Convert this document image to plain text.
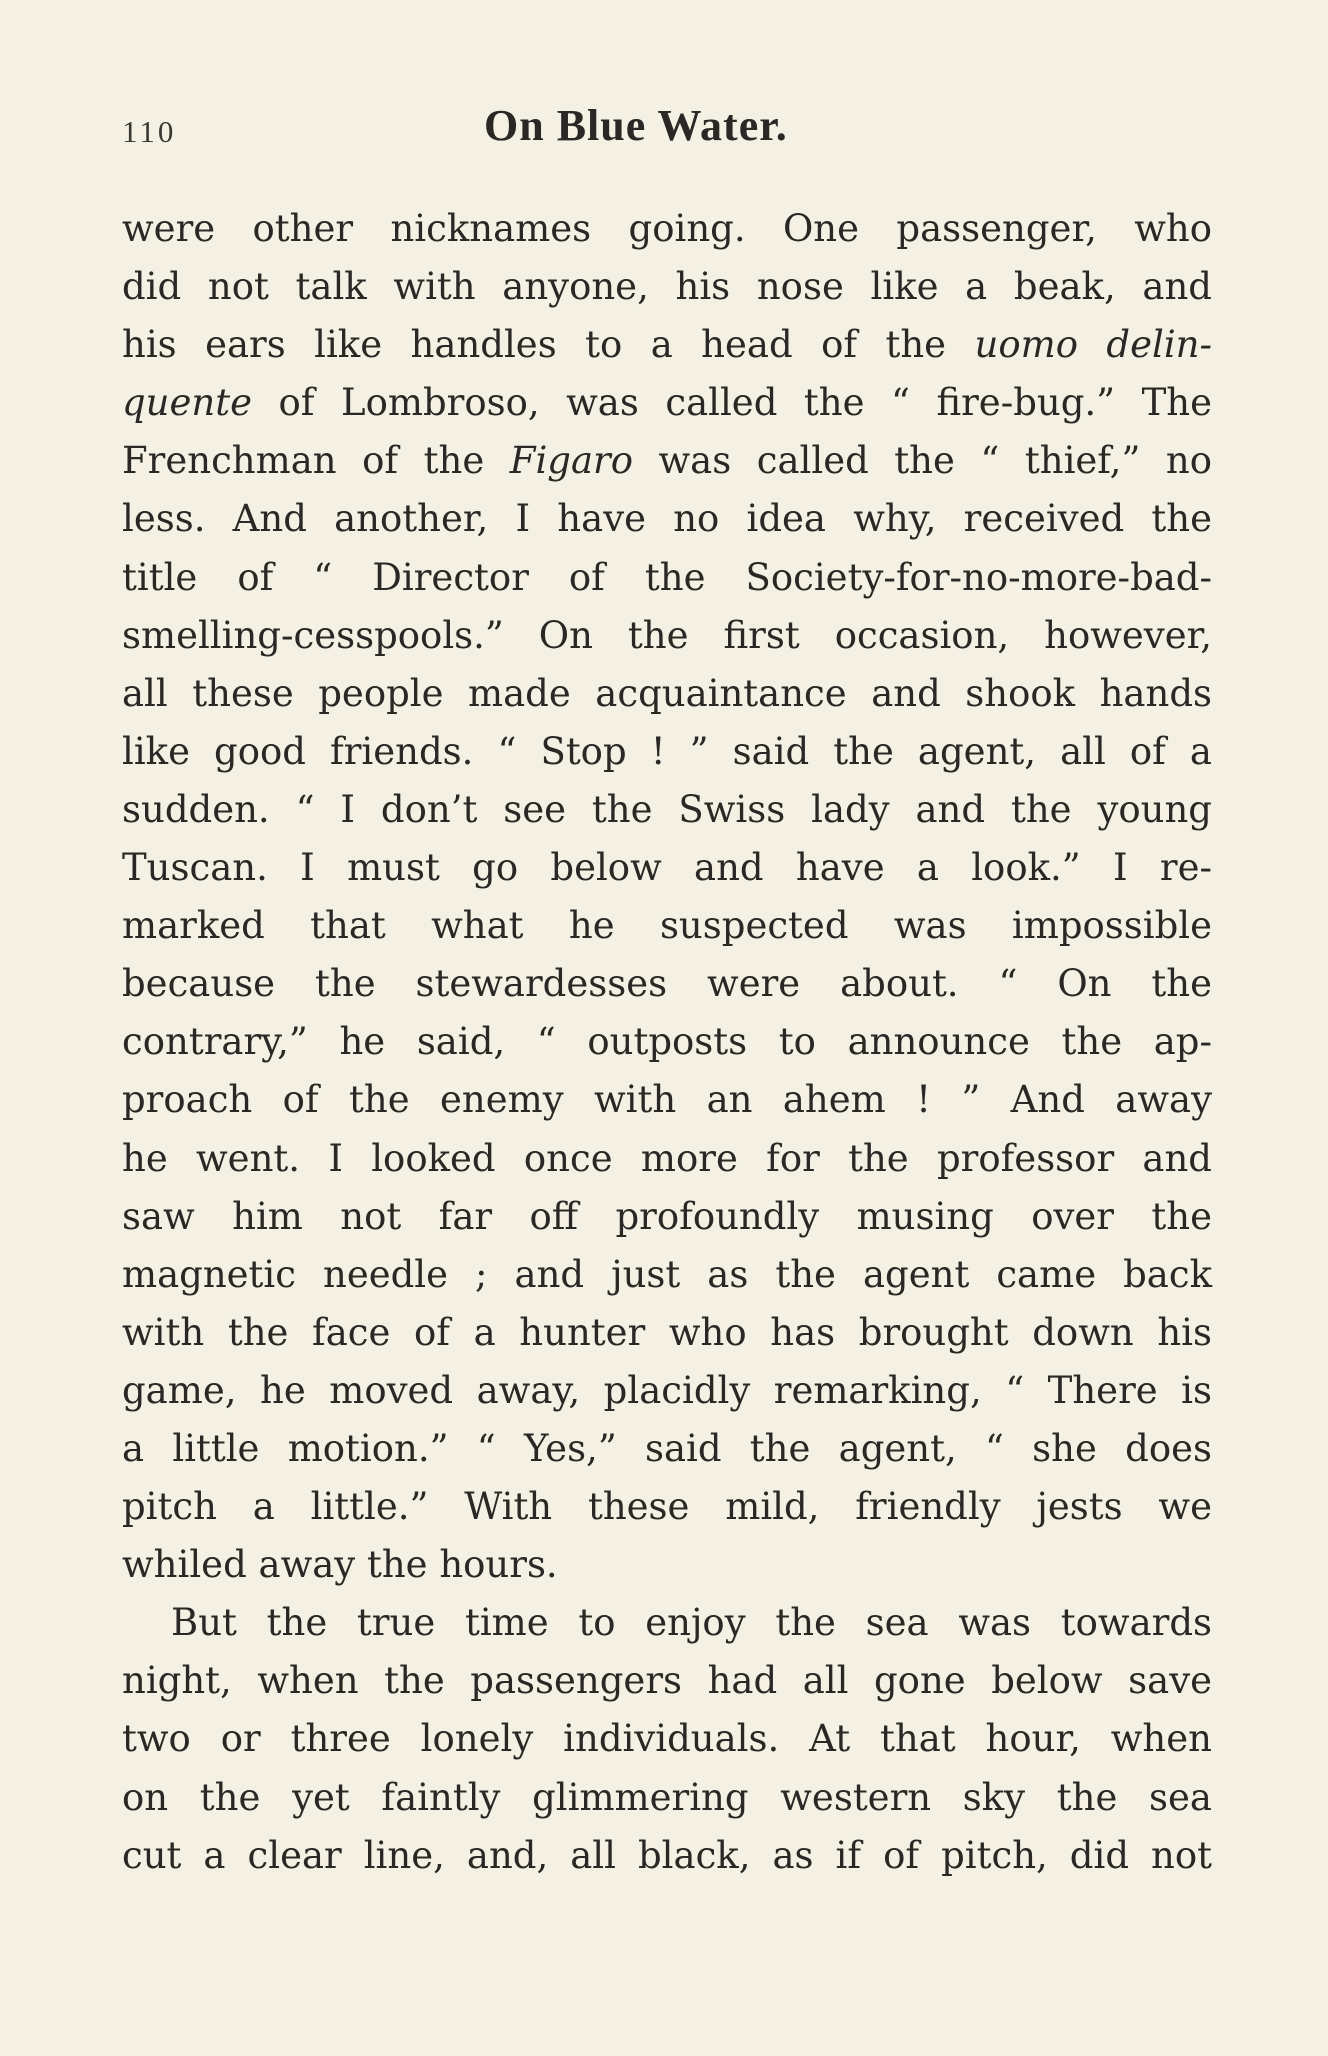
110	On Blue Water.
were other nicknames going. One passenger, who
did not talk with anyone, his nose like a beak, and
his ears like handles to a head of the uomo delin-
quente of Lombroso, was called the “ fire-bug.” The
Frenchman of the Figaro was called the “ thief,” no
less. And another, I have no idea why, received the
title of “ Director of the Society-for-no-more-bad-
smelling-cesspools.” On the first occasion, however,
all these people made acquaintance and shook hands
like good friends. “ Stop ! ” said the agent, all of a
sudden. “ I don’t see the Swiss lady and the young
Tuscan. I must go below and have a look.” I re-
marked that what he suspected was impossible
because the stewardesses were about. “ On the
contrary,” he said, “ outposts to announce the ap-
proach of the enemy with an ahem ! ” And away
he went. I looked once more for the professor and
saw him not far off profoundly musing over the
magnetic needle ; and just as the agent came back
with the face of a hunter who has brought down his
game, he moved away, placidly remarking, “ There is
a little motion.” “ Yes,” said the agent, “ she does
pitch a little.” With these mild, friendly jests we
whiled away the hours.
But the true time to enjoy the sea was towards
night, when the passengers had all gone below save
two or three lonely individuals. At that hour, when
on the yet faintly glimmering western sky the sea
cut a clear line, and, all black, as if of pitch, did not
